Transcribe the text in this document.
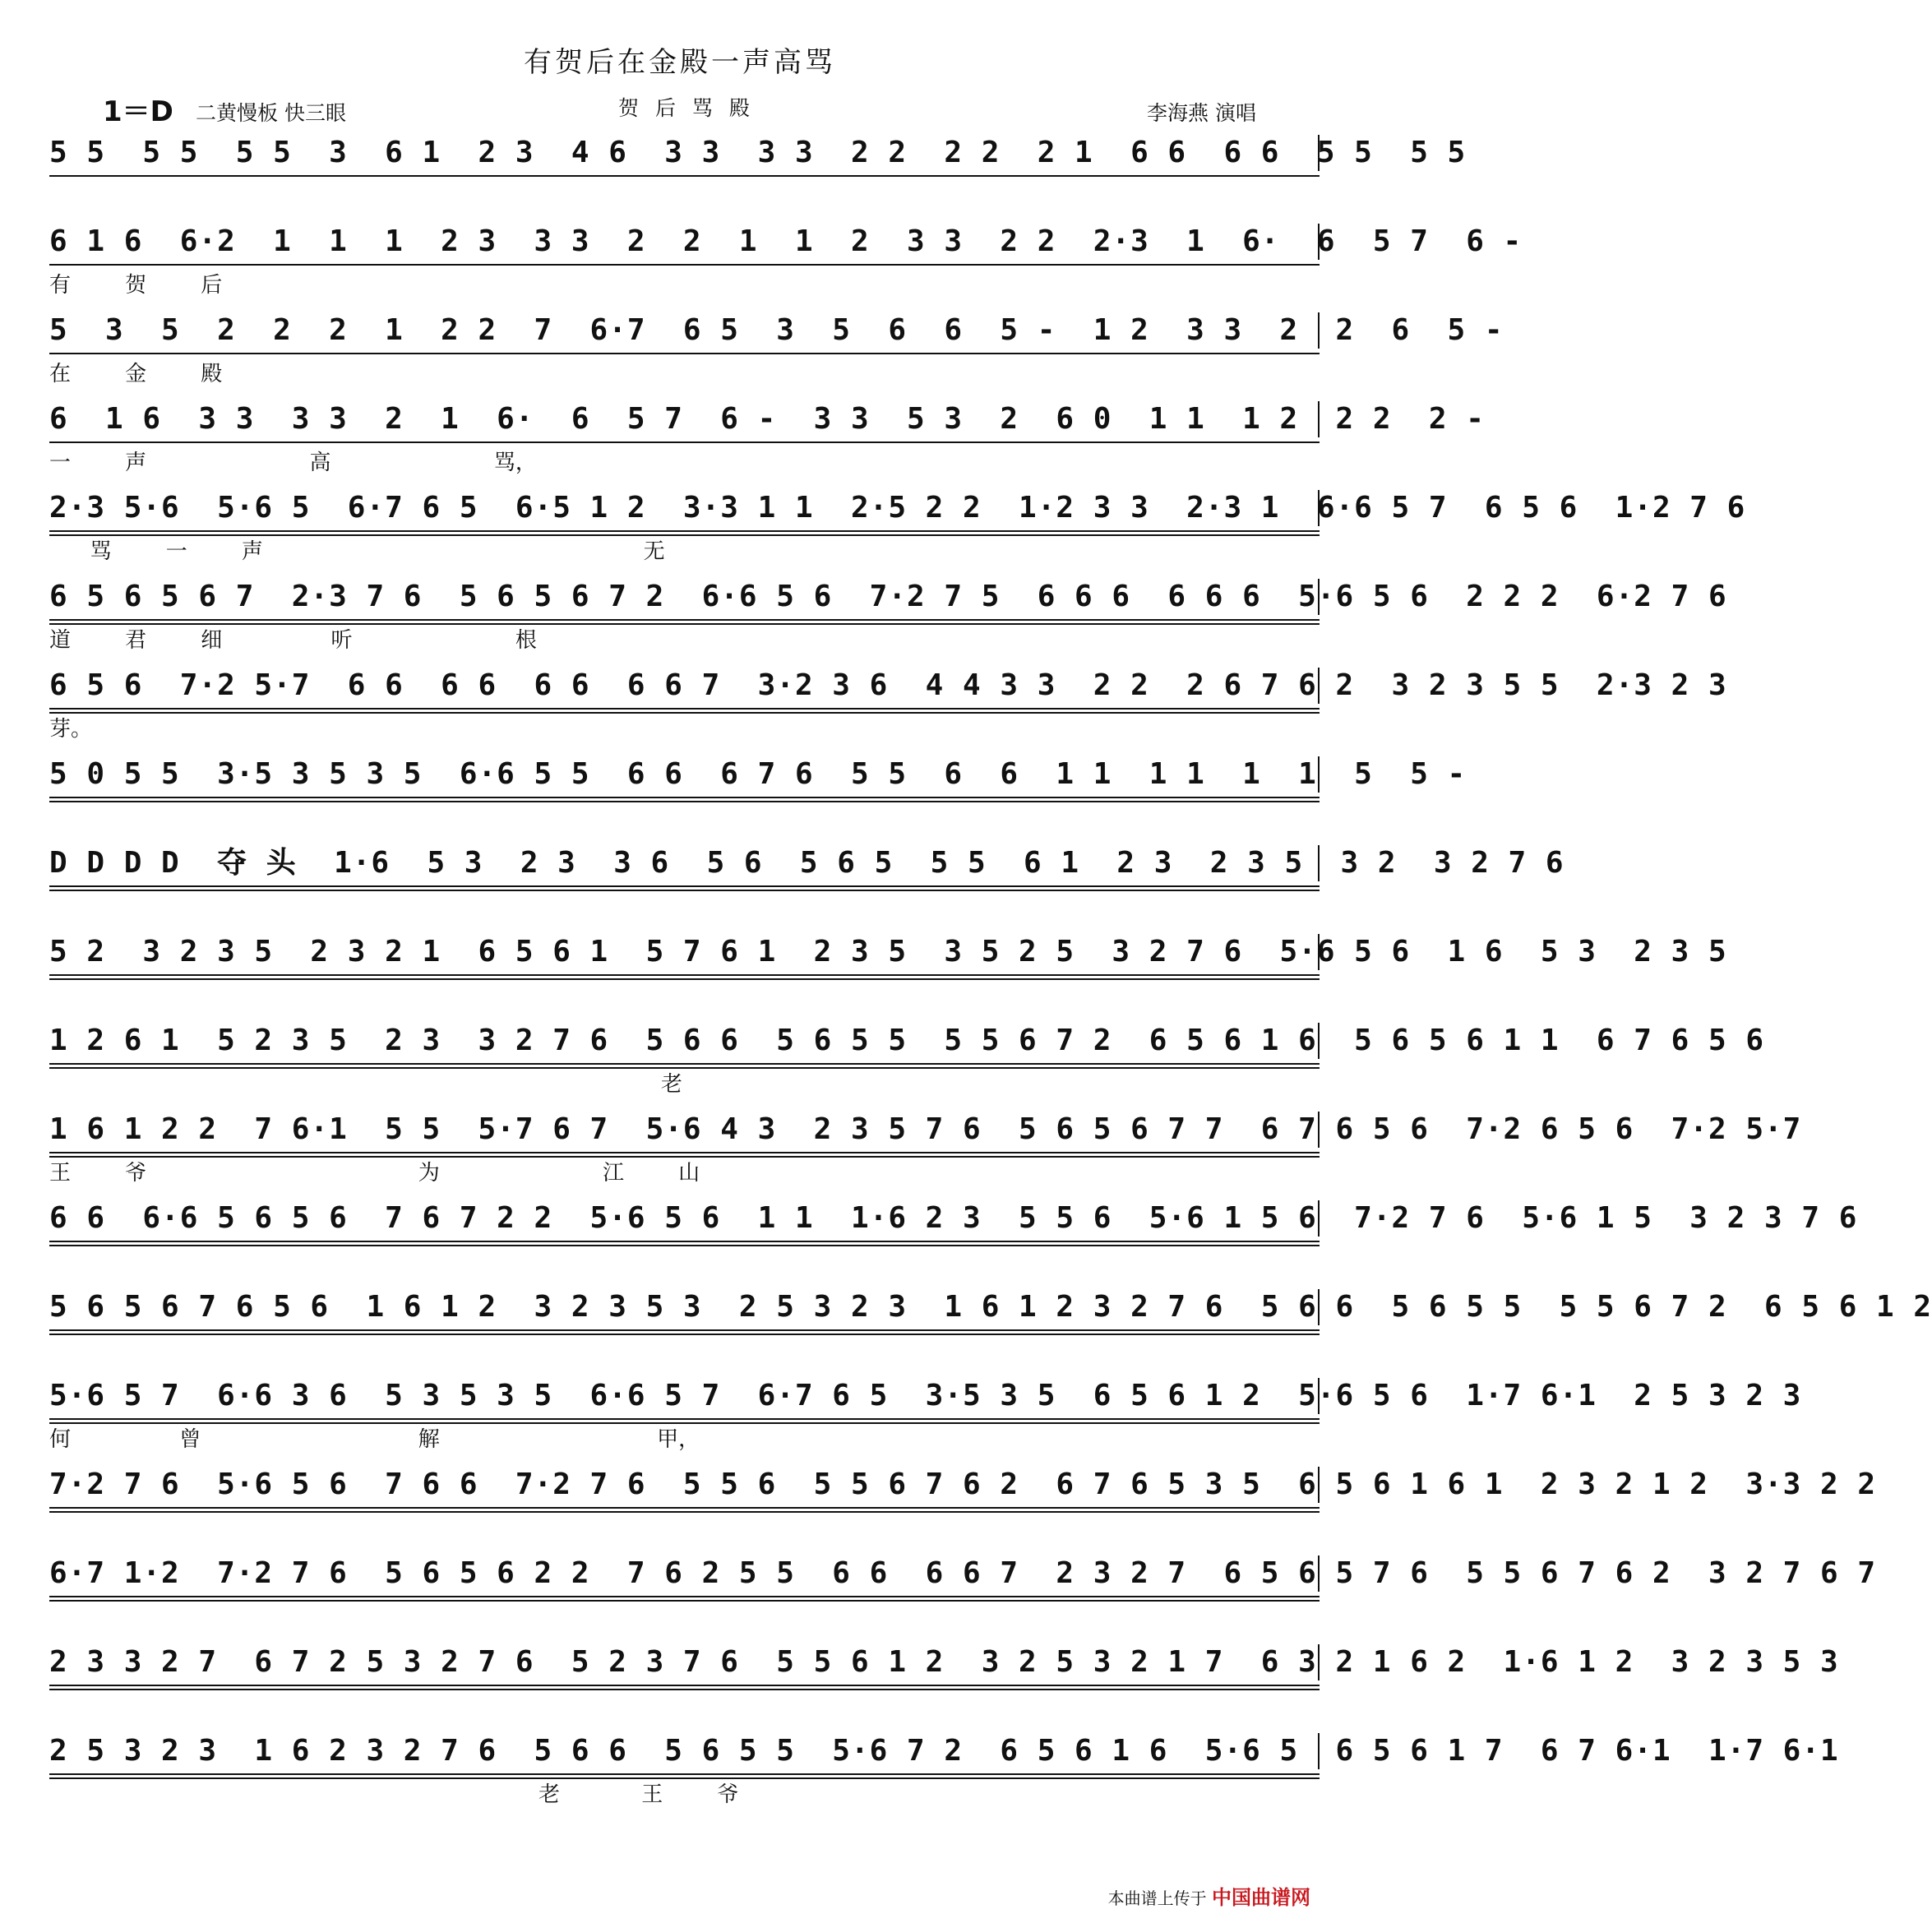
有贺后在金殿一声高骂
1＝D 二黄慢板 快三眼	贺 后 骂 殿	李海燕 演唱
5 5  5 5  5 5  3  6 1  2 3  4 6  3 3  3 3  2 2  2 2  2 1  6 6  6 6  5 5  5 5
6 1 6  6·2  1  1  1  2 3  3 3  2  2  1  1  2  3 3  2 2  2·3  1  6·  6  5 7  6 -
有        贺        后
5  3  5  2  2  2  1  2 2  7  6·7  6 5  3  5  6  6  5 -  1 2  3 3  2  2  6  5 -
在        金        殿
6  1 6  3 3  3 3  2  1  6·  6  5 7  6 -  3 3  5 3  2  6 0  1 1  1 2  2 2  2 -
一        声                        高                        骂，
2·3 5·6  5·6 5  6·7 6 5  6·5 1 2  3·3 1 1  2·5 2 2  1·2 3 3  2·3 1  6·6 5 7  6 5 6  1·2 7 6
骂        一        声                                                        无
6 5 6 5 6 7  2·3 7 6  5 6 5 6 7 2  6·6 5 6  7·2 7 5  6 6 6  6 6 6  5·6 5 6  2 2 2  6·2 7 6
道        君        细                听                        根
6 5 6  7·2 5·7  6 6  6 6  6 6  6 6 7  3·2 3 6  4 4 3 3  2 2  2 6 7 6 2  3 2 3 5 5  2·3 2 3
芽。
5 0 5 5  3·5 3 5 3 5  6·6 5 5  6 6  6 7 6  5 5  6  6  1 1  1 1  1  1  5  5 -
D D D D  夺 头  1·6  5 3  2 3  3 6  5 6  5 6 5  5 5  6 1  2 3  2 3 5  3 2  3 2 7 6
5 2  3 2 3 5  2 3 2 1  6 5 6 1  5 7 6 1  2 3 5  3 5 2 5  3 2 7 6  5·6 5 6  1 6  5 3  2 3 5
1 2 6 1  5 2 3 5  2 3  3 2 7 6  5 6 6  5 6 5 5  5 5 6 7 2  6 5 6 1 6  5 6 5 6 1 1  6 7 6 5 6
老
1 6 1 2 2  7 6·1  5 5  5·7 6 7  5·6 4 3  2 3 5 7 6  5 6 5 6 7 7  6 7 6 5 6  7·2 6 5 6  7·2 5·7
王        爷                                        为                        江        山
6 6  6·6 5 6 5 6  7 6 7 2 2  5·6 5 6  1 1  1·6 2 3  5 5 6  5·6 1 5 6  7·2 7 6  5·6 1 5  3 2 3 7 6
5 6 5 6 7 6 5 6  1 6 1 2  3 2 3 5 3  2 5 3 2 3  1 6 1 2 3 2 7 6  5 6 6  5 6 5 5  5 5 6 7 2  6 5 6 1 2
5·6 5 7  6·6 3 6  5 3 5 3 5  6·6 5 7  6·7 6 5  3·5 3 5  6 5 6 1 2  5·6 5 6  1·7 6·1  2 5 3 2 3
何                曾                                解                                甲，
7·2 7 6  5·6 5 6  7 6 6  7·2 7 6  5 5 6  5 5 6 7 6 2  6 7 6 5 3 5  6 5 6 1 6 1  2 3 2 1 2  3·3 2 2
6·7 1·2  7·2 7 6  5 6 5 6 2 2  7 6 2 5 5  6 6  6 6 7  2 3 2 7  6 5 6 5 7 6  5 5 6 7 6 2  3 2 7 6 7
2 3 3 2 7  6 7 2 5 3 2 7 6  5 2 3 7 6  5 5 6 1 2  3 2 5 3 2 1 7  6 3 2 1 6 2  1·6 1 2  3 2 3 5 3
2 5 3 2 3  1 6 2 3 2 7 6  5 6 6  5 6 5 5  5·6 7 2  6 5 6 1 6  5·6 5  6 5 6 1 7  6 7 6·1  1·7 6·1
老            王        爷
本曲谱上传于 中国曲谱网
